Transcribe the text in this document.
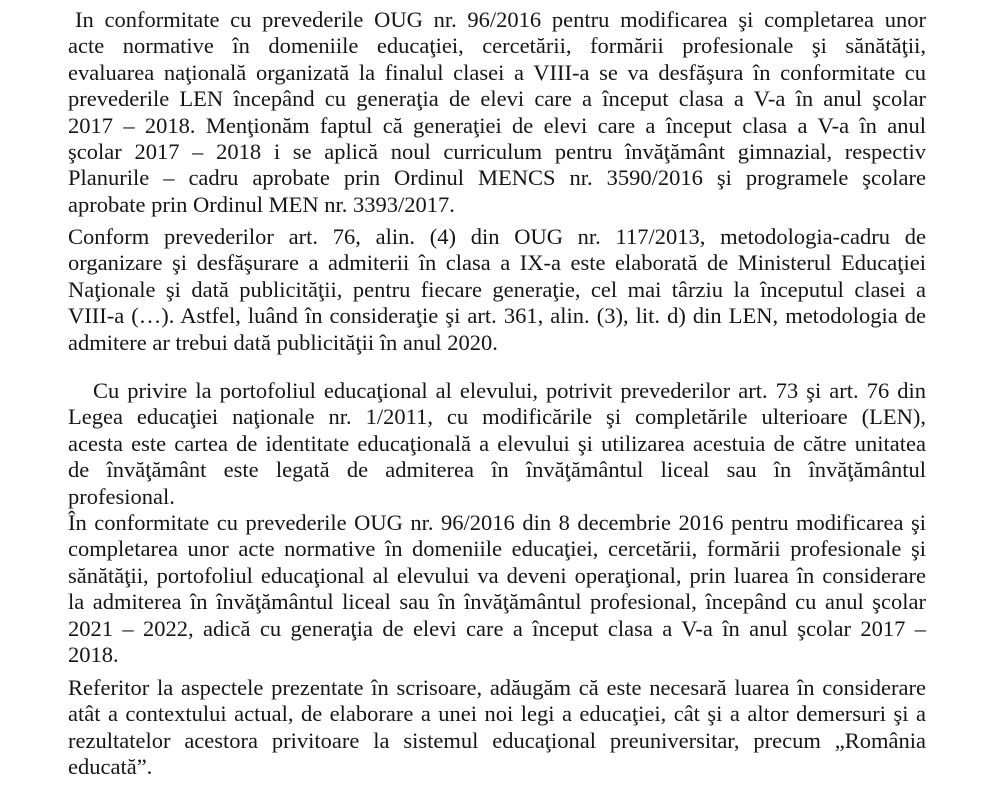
In conformitate cu prevederile OUG nr. 96/2016 pentru modificarea şi completarea unor
acte normative în domeniile educaţiei, cercetării, formării profesionale şi sănătăţii,
evaluarea naţională organizată la finalul clasei a VIII-a se va desfăşura în conformitate cu
prevederile LEN începând cu generaţia de elevi care a început clasa a V-a în anul şcolar
2017 – 2018. Menţionăm faptul că generaţiei de elevi care a început clasa a V-a în anul
şcolar 2017 – 2018 i se aplică noul curriculum pentru învăţământ gimnazial, respectiv
Planurile – cadru aprobate prin Ordinul MENCS nr. 3590/2016 şi programele şcolare
aprobate prin Ordinul MEN nr. 3393/2017.
Conform prevederilor art. 76, alin. (4) din OUG nr. 117/2013, metodologia-cadru de
organizare şi desfăşurare a admiterii în clasa a IX-a este elaborată de Ministerul Educaţiei
Naţionale şi dată publicităţii, pentru fiecare generaţie, cel mai târziu la începutul clasei a
VIII-a (…). Astfel, luând în consideraţie şi art. 361, alin. (3), lit. d) din LEN, metodologia de
admitere ar trebui dată publicităţii în anul 2020.
Cu privire la portofoliul educaţional al elevului, potrivit prevederilor art. 73 şi art. 76 din
Legea educaţiei naţionale nr. 1/2011, cu modificările şi completările ulterioare (LEN),
acesta este cartea de identitate educaţională a elevului şi utilizarea acestuia de către unitatea
de învăţământ este legată de admiterea în învăţământul liceal sau în învăţământul
profesional.
În conformitate cu prevederile OUG nr. 96/2016 din 8 decembrie 2016 pentru modificarea şi
completarea unor acte normative în domeniile educaţiei, cercetării, formării profesionale şi
sănătăţii, portofoliul educaţional al elevului va deveni operaţional, prin luarea în considerare
la admiterea în învăţământul liceal sau în învăţământul profesional, începând cu anul şcolar
2021 – 2022, adică cu generaţia de elevi care a început clasa a V-a în anul şcolar 2017 –
2018.
Referitor la aspectele prezentate în scrisoare, adăugăm că este necesară luarea în considerare
atât a contextului actual, de elaborare a unei noi legi a educaţiei, cât şi a altor demersuri şi a
rezultatelor acestora privitoare la sistemul educaţional preuniversitar, precum „România
educată”.
